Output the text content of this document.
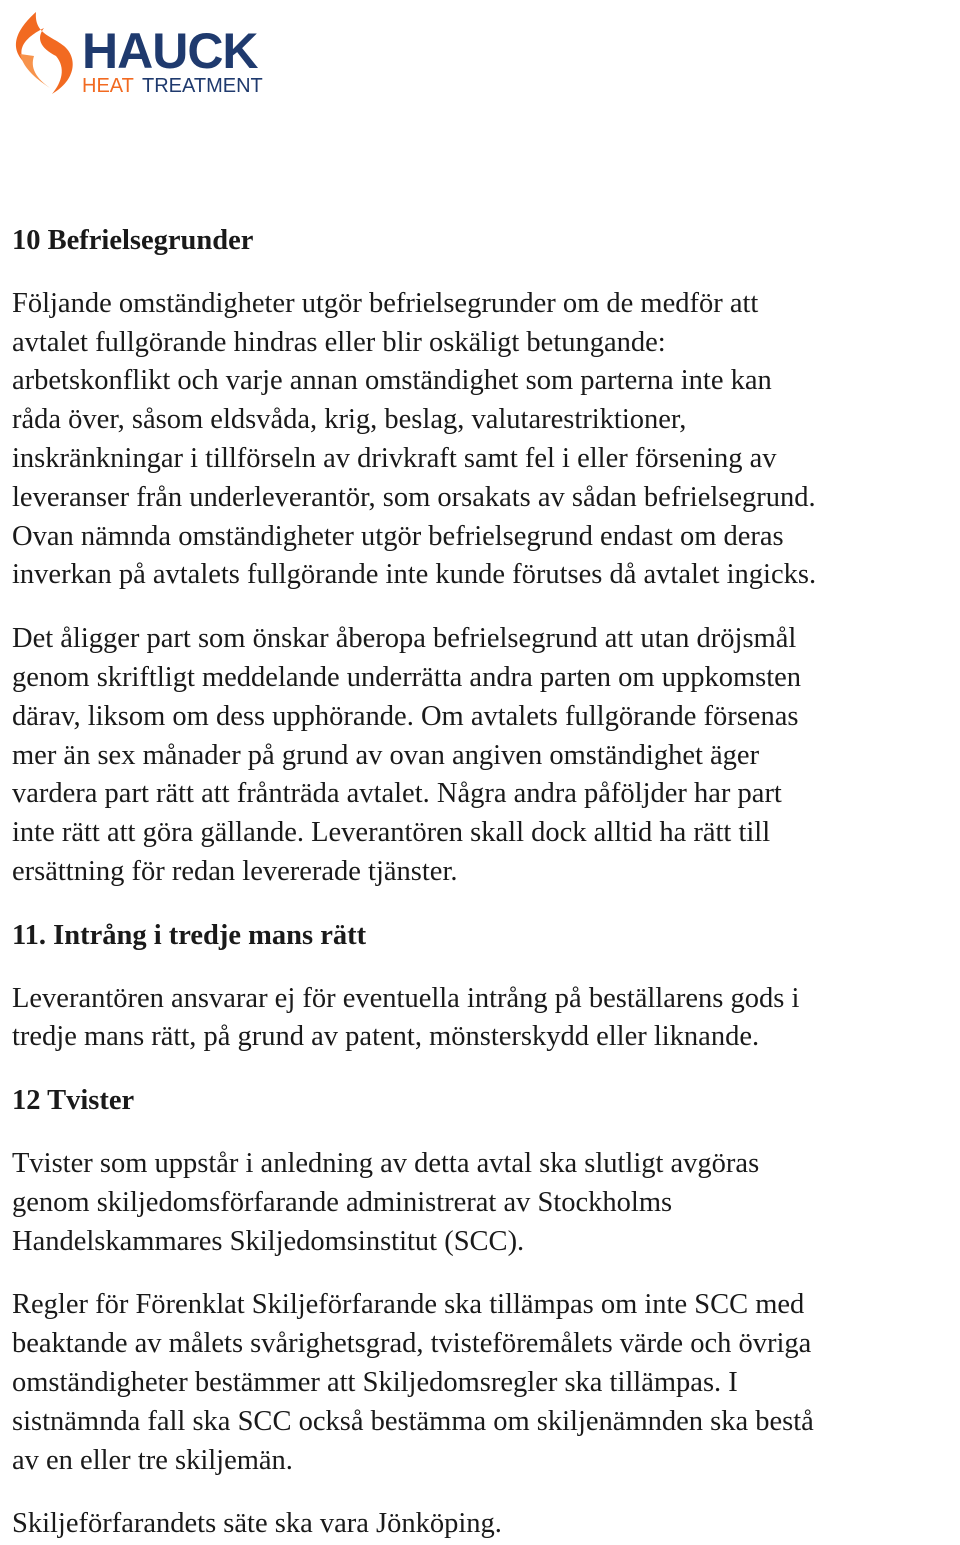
HAUCK
HEAT TREATMENT
10 Befrielsegrunder

Följande omständigheter utgör befrielsegrunder om de medför att
avtalet fullgörande hindras eller blir oskäligt betungande:
arbetskonflikt och varje annan omständighet som parterna inte kan
råda över, såsom eldsvåda, krig, beslag, valutarestriktioner,
inskränkningar i tillförseln av drivkraft samt fel i eller försening av
leveranser från underleverantör, som orsakats av sådan befrielsegrund.
Ovan nämnda omständigheter utgör befrielsegrund endast om deras
inverkan på avtalets fullgörande inte kunde förutses då avtalet ingicks.

Det åligger part som önskar åberopa befrielsegrund att utan dröjsmål
genom skriftligt meddelande underrätta andra parten om uppkomsten
därav, liksom om dess upphörande. Om avtalets fullgörande försenas
mer än sex månader på grund av ovan angiven omständighet äger
vardera part rätt att frånträda avtalet. Några andra påföljder har part
inte rätt att göra gällande. Leverantören skall dock alltid ha rätt till
ersättning för redan levererade tjänster.

11. Intrång i tredje mans rätt

Leverantören ansvarar ej för eventuella intrång på beställarens gods i
tredje mans rätt, på grund av patent, mönsterskydd eller liknande.

12 Tvister

Tvister som uppstår i anledning av detta avtal ska slutligt avgöras
genom skiljedomsförfarande administrerat av Stockholms
Handelskammares Skiljedomsinstitut (SCC).

Regler för Förenklat Skiljeförfarande ska tillämpas om inte SCC med
beaktande av målets svårighetsgrad, tvisteföremålets värde och övriga
omständigheter bestämmer att Skiljedomsregler ska tillämpas. I
sistnämnda fall ska SCC också bestämma om skiljenämnden ska bestå
av en eller tre skiljemän.

Skiljeförfarandets säte ska vara Jönköping.
